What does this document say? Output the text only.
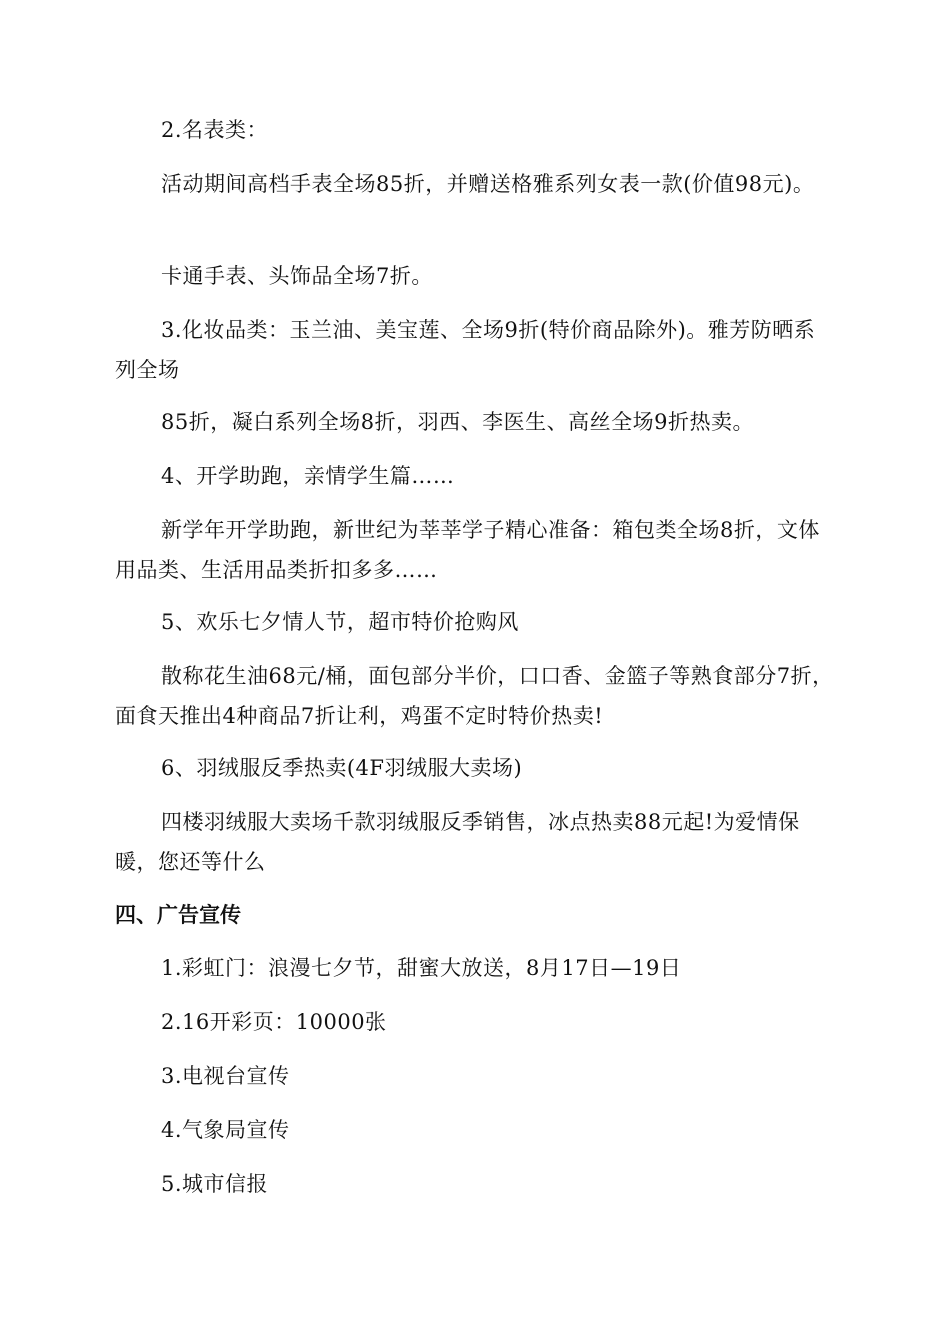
2.名表类：

活动期间高档手表全场85折，并赠送格雅系列女表一款(价值98元)。

卡通手表、头饰品全场7折。

3.化妆品类：玉兰油、美宝莲、全场9折(特价商品除外)。雅芳防晒系列全场

85折，凝白系列全场8折，羽西、李医生、高丝全场9折热卖。

4、开学助跑，亲情学生篇……

新学年开学助跑，新世纪为莘莘学子精心准备：箱包类全场8折，文体用品类、生活用品类折扣多多……

5、欢乐七夕情人节，超市特价抢购风

散称花生油68元/桶，面包部分半价，口口香、金篮子等熟食部分7折，面食天推出4种商品7折让利，鸡蛋不定时特价热卖!

6、羽绒服反季热卖(4F羽绒服大卖场)

四楼羽绒服大卖场千款羽绒服反季销售，冰点热卖88元起!为爱情保暖，您还等什么

四、广告宣传

1.彩虹门：浪漫七夕节，甜蜜大放送，8月17日—19日

2.16开彩页：10000张

3.电视台宣传

4.气象局宣传

5.城市信报
